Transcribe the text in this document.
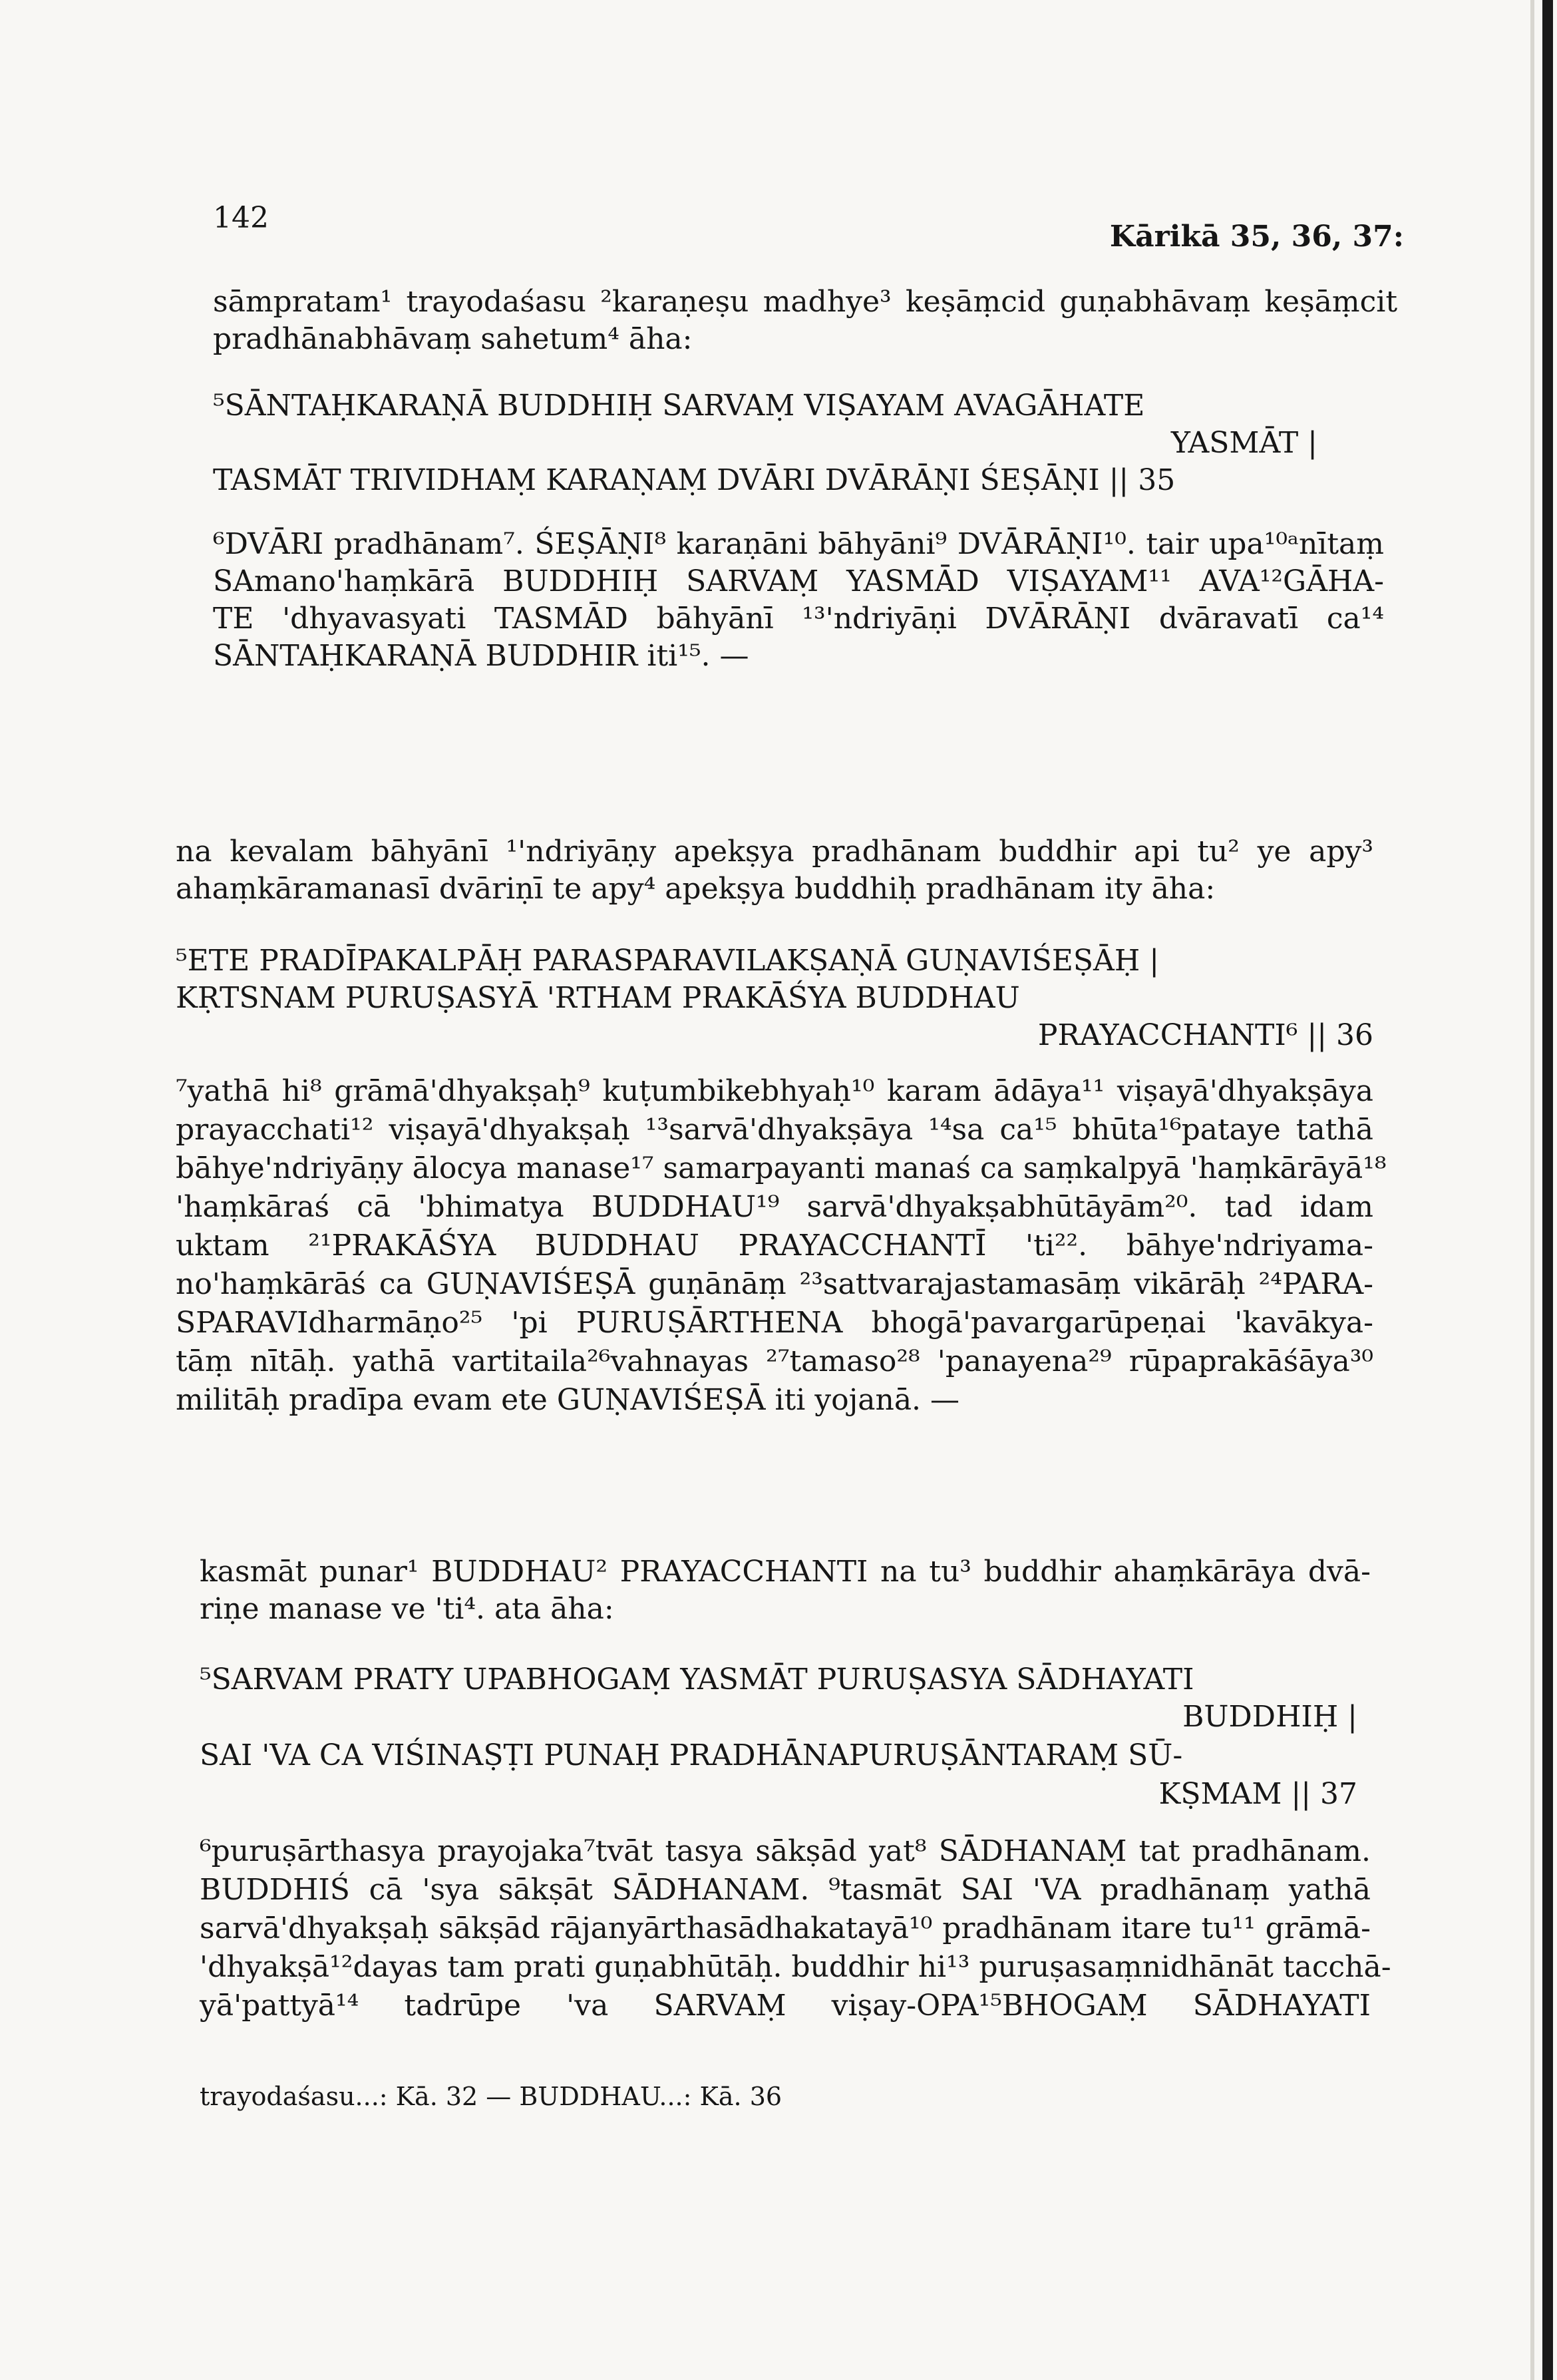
142
Kārikā 35, 36, 37:
sāmpratam¹ trayodaśasu ²karaṇeṣu madhye³ keṣāṃcid guṇabhāvaṃ keṣāṃcit
pradhānabhāvaṃ sahetum⁴ āha:
⁵SĀNTAḤKARAṆĀ BUDDHIḤ SARVAṂ VIṢAYAM AVAGĀHATE
YASMĀT |
TASMĀT TRIVIDHAṂ KARAṆAṂ DVĀRI DVĀRĀṆI ŚEṢĀṆI || 35
⁶DVĀRI pradhānam⁷. ŚEṢĀṆI⁸ karaṇāni bāhyāni⁹ DVĀRĀṆI¹⁰. tair upa¹⁰ᵃnītaṃ
SAmano'haṃkārā BUDDHIḤ SARVAṂ YASMĀD VIṢAYAM¹¹ AVA¹²GĀHA-
TE 'dhyavasyati TASMĀD bāhyānī ¹³'ndriyāṇi DVĀRĀṆI dvāravatī ca¹⁴
SĀNTAḤKARAṆĀ BUDDHIR iti¹⁵. —
na kevalam bāhyānī ¹'ndriyāṇy apekṣya pradhānam buddhir api tu² ye apy³
ahaṃkāramanasī dvāriṇī te apy⁴ apekṣya buddhiḥ pradhānam ity āha:
⁵ETE PRADĪPAKALPĀḤ PARASPARAVILAKṢAṆĀ GUṆAVIŚEṢĀḤ |
KṚTSNAM PURUṢASYĀ 'RTHAM PRAKĀŚYA BUDDHAU
PRAYACCHANTI⁶ || 36
⁷yathā hi⁸ grāmā'dhyakṣaḥ⁹ kuṭumbikebhyaḥ¹⁰ karam ādāya¹¹ viṣayā'dhyakṣāya
prayacchati¹² viṣayā'dhyakṣaḥ ¹³sarvā'dhyakṣāya ¹⁴sa ca¹⁵ bhūta¹⁶pataye tathā
bāhye'ndriyāṇy ālocya manase¹⁷ samarpayanti manaś ca saṃkalpyā 'haṃkārāyā¹⁸
'haṃkāraś cā 'bhimatya BUDDHAU¹⁹ sarvā'dhyakṣabhūtāyām²⁰. tad idam
uktam ²¹PRAKĀŚYA BUDDHAU PRAYACCHANTĪ 'ti²². bāhye'ndriyama-
no'haṃkārāś ca GUṆAVIŚEṢĀ guṇānāṃ ²³sattvarajastamasāṃ vikārāḥ ²⁴PARA-
SPARAVIdharmāṇo²⁵ 'pi PURUṢĀRTHENA bhogā'pavargarūpeṇai 'kavākya-
tāṃ nītāḥ. yathā vartitaila²⁶vahnayas ²⁷tamaso²⁸ 'panayena²⁹ rūpaprakāśāya³⁰
militāḥ pradīpa evam ete GUṆAVIŚEṢĀ iti yojanā. —
kasmāt punar¹ BUDDHAU² PRAYACCHANTI na tu³ buddhir ahaṃkārāya dvā-
riṇe manase ve 'ti⁴. ata āha:
⁵SARVAM PRATY UPABHOGAṂ YASMĀT PURUṢASYA SĀDHAYATI
BUDDHIḤ |
SAI 'VA CA VIŚINAṢṬI PUNAḤ PRADHĀNAPURUṢĀNTARAṂ SŪ-
KṢMAM || 37
⁶puruṣārthasya prayojaka⁷tvāt tasya sākṣād yat⁸ SĀDHANAṂ tat pradhānam.
BUDDHIŚ cā 'sya sākṣāt SĀDHANAM. ⁹tasmāt SAI 'VA pradhānaṃ yathā
sarvā'dhyakṣaḥ sākṣād rājanyārthasādhakatayā¹⁰ pradhānam itare tu¹¹ grāmā-
'dhyakṣā¹²dayas tam prati guṇabhūtāḥ. buddhir hi¹³ puruṣasaṃnidhānāt tacchā-
yā'pattyā¹⁴ tadrūpe 'va SARVAṂ viṣay-OPA¹⁵BHOGAṂ SĀDHAYATI
trayodaśasu...: Kā. 32 — BUDDHAU...: Kā. 36
